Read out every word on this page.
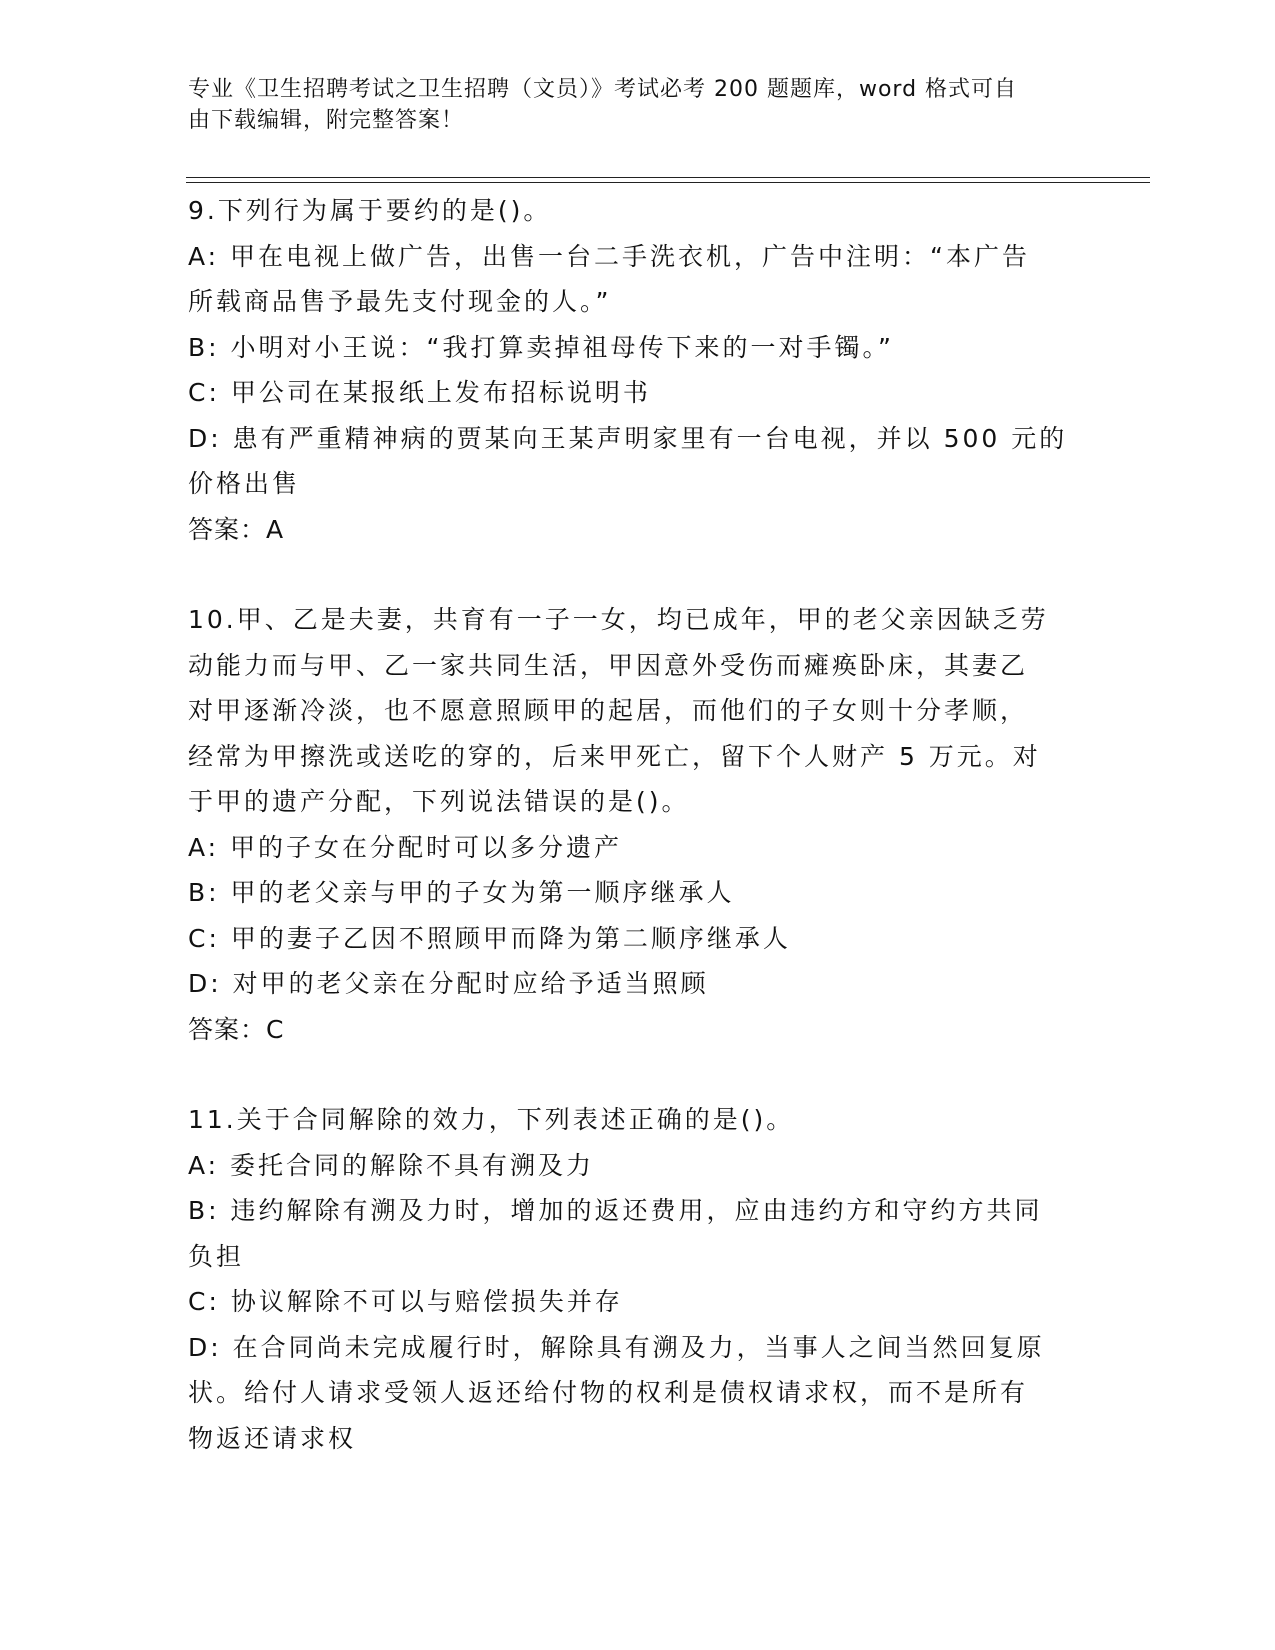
专业《卫生招聘考试之卫生招聘（文员）》考试必考 200 题题库，word 格式可自
由下载编辑，附完整答案！
9.下列行为属于要约的是()。
A: 甲在电视上做广告，出售一台二手洗衣机，广告中注明：“本广告
所载商品售予最先支付现金的人。”
B: 小明对小王说：“我打算卖掉祖母传下来的一对手镯。”
C: 甲公司在某报纸上发布招标说明书
D: 患有严重精神病的贾某向王某声明家里有一台电视，并以 500 元的
价格出售
答案：A
10.甲、乙是夫妻，共育有一子一女，均已成年，甲的老父亲因缺乏劳
动能力而与甲、乙一家共同生活，甲因意外受伤而瘫痪卧床，其妻乙
对甲逐渐冷淡，也不愿意照顾甲的起居，而他们的子女则十分孝顺，
经常为甲擦洗或送吃的穿的，后来甲死亡，留下个人财产 5 万元。对
于甲的遗产分配，下列说法错误的是()。
A: 甲的子女在分配时可以多分遗产
B: 甲的老父亲与甲的子女为第一顺序继承人
C: 甲的妻子乙因不照顾甲而降为第二顺序继承人
D: 对甲的老父亲在分配时应给予适当照顾
答案：C
11.关于合同解除的效力，下列表述正确的是()。
A: 委托合同的解除不具有溯及力
B: 违约解除有溯及力时，增加的返还费用，应由违约方和守约方共同
负担
C: 协议解除不可以与赔偿损失并存
D: 在合同尚未完成履行时，解除具有溯及力，当事人之间当然回复原
状。给付人请求受领人返还给付物的权利是债权请求权，而不是所有
物返还请求权
